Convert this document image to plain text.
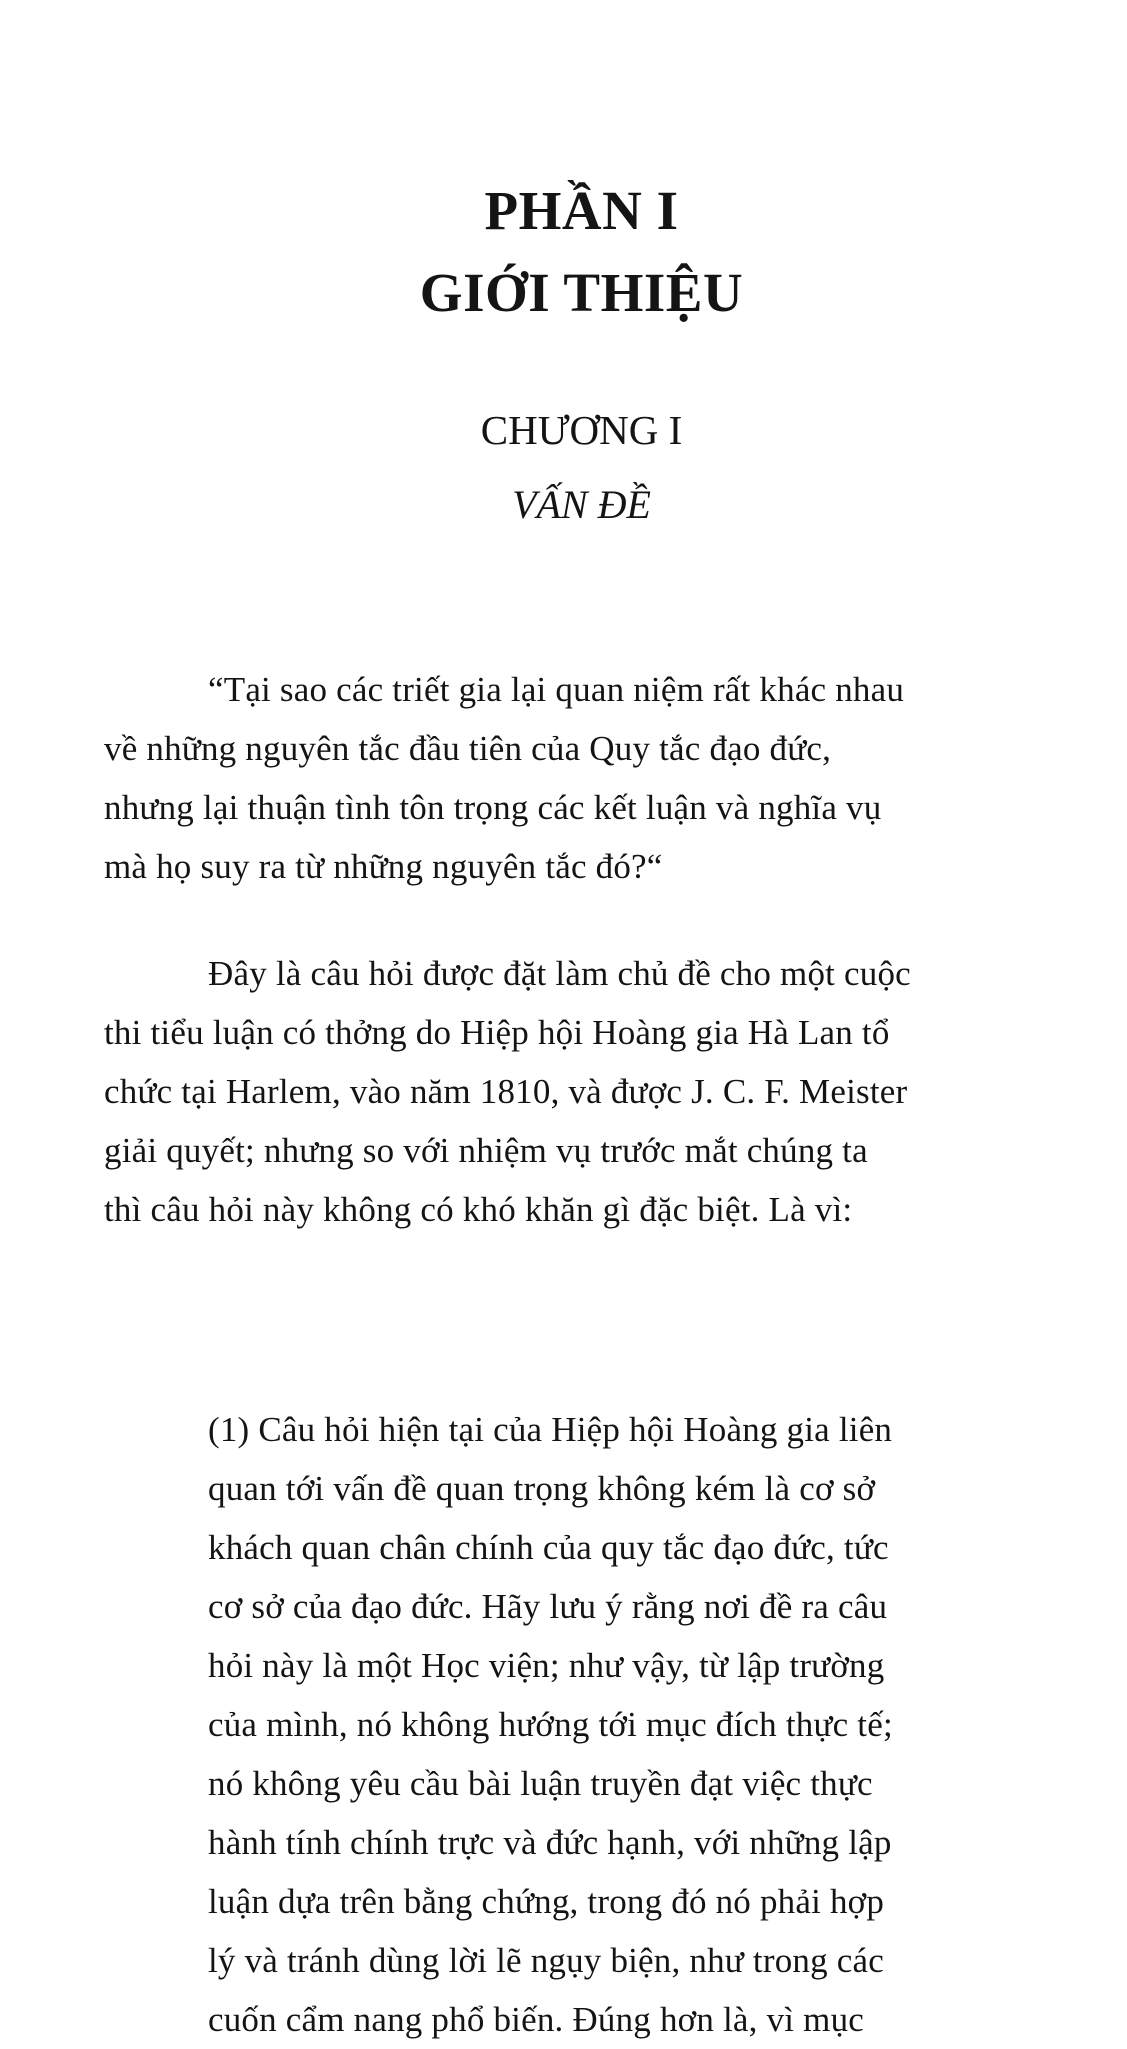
PHẦN I
GIỚI THIỆU
CHƯƠNG I
VẤN ĐỀ
“Tại sao các triết gia lại quan niệm rất khác nhau
về những nguyên tắc đầu tiên của Quy tắc đạo đức,
nhưng lại thuận tình tôn trọng các kết luận và nghĩa vụ
mà họ suy ra từ những nguyên tắc đó?“
Đây là câu hỏi được đặt làm chủ đề cho một cuộc
thi tiểu luận có thởng do Hiệp hội Hoàng gia Hà Lan tổ
chức tại Harlem, vào năm 1810, và được J. C. F. Meister
giải quyết; nhưng so với nhiệm vụ trước mắt chúng ta
thì câu hỏi này không có khó khăn gì đặc biệt. Là vì:
(1) Câu hỏi hiện tại của Hiệp hội Hoàng gia liên
quan tới vấn đề quan trọng không kém là cơ sở
khách quan chân chính của quy tắc đạo đức, tức
cơ sở của đạo đức. Hãy lưu ý rằng nơi đề ra câu
hỏi này là một Học viện; như vậy, từ lập trường
của mình, nó không hướng tới mục đích thực tế;
nó không yêu cầu bài luận truyền đạt việc thực
hành tính chính trực và đức hạnh, với những lập
luận dựa trên bằng chứng, trong đó nó phải hợp
lý và tránh dùng lời lẽ ngụy biện, như trong các
cuốn cẩm nang phổ biến. Đúng hơn là, vì mục
